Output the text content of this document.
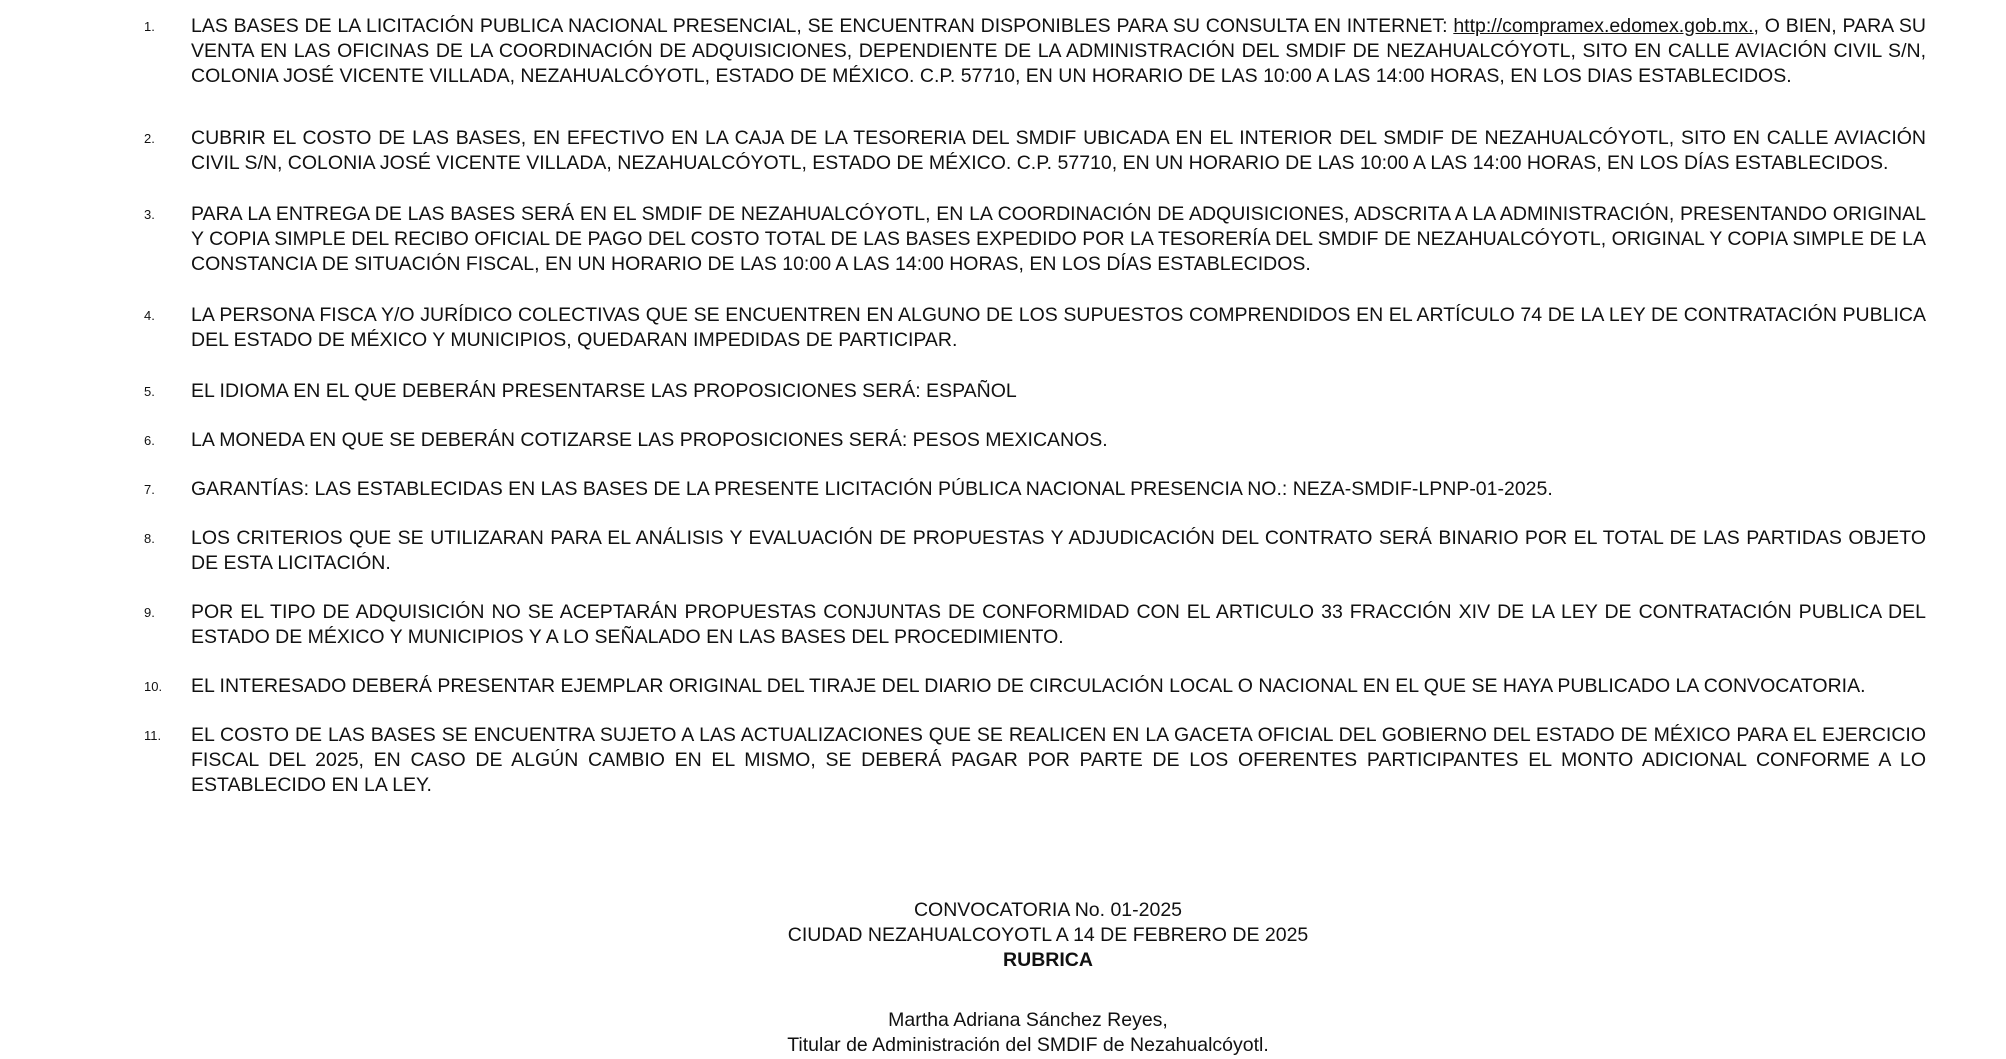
1.	LAS BASES DE LA LICITACIÓN PUBLICA NACIONAL PRESENCIAL, SE ENCUENTRAN DISPONIBLES PARA SU CONSULTA EN INTERNET: http://compramex.edomex.gob.mx., O BIEN, PARA SU VENTA EN LAS OFICINAS DE LA COORDINACIÓN DE ADQUISICIONES, DEPENDIENTE DE LA ADMINISTRACIÓN DEL SMDIF DE NEZAHUALCÓYOTL, SITO EN CALLE AVIACIÓN CIVIL S/N, COLONIA JOSÉ VICENTE VILLADA, NEZAHUALCÓYOTL, ESTADO DE MÉXICO. C.P. 57710, EN UN HORARIO DE LAS 10:00 A LAS 14:00 HORAS, EN LOS DIAS ESTABLECIDOS.
2.	CUBRIR EL COSTO DE LAS BASES, EN EFECTIVO EN LA CAJA DE LA TESORERIA DEL SMDIF UBICADA EN EL INTERIOR DEL SMDIF DE NEZAHUALCÓYOTL, SITO EN CALLE AVIACIÓN CIVIL S/N, COLONIA JOSÉ VICENTE VILLADA, NEZAHUALCÓYOTL, ESTADO DE MÉXICO. C.P. 57710, EN UN HORARIO DE LAS 10:00 A LAS 14:00 HORAS, EN LOS DÍAS ESTABLECIDOS.
3.	PARA LA ENTREGA DE LAS BASES SERÁ EN EL SMDIF DE NEZAHUALCÓYOTL, EN LA COORDINACIÓN DE ADQUISICIONES, ADSCRITA A LA ADMINISTRACIÓN, PRESENTANDO ORIGINAL Y COPIA SIMPLE DEL RECIBO OFICIAL DE PAGO DEL COSTO TOTAL DE LAS BASES EXPEDIDO POR LA TESORERÍA DEL SMDIF DE NEZAHUALCÓYOTL, ORIGINAL Y COPIA SIMPLE DE LA CONSTANCIA DE SITUACIÓN FISCAL, EN UN HORARIO DE LAS 10:00 A LAS 14:00 HORAS, EN LOS DÍAS ESTABLECIDOS.
4.	LA PERSONA FISCA Y/O JURÍDICO COLECTIVAS QUE SE ENCUENTREN EN ALGUNO DE LOS SUPUESTOS COMPRENDIDOS EN EL ARTÍCULO 74 DE LA LEY DE CONTRATACIÓN PUBLICA DEL ESTADO DE MÉXICO Y MUNICIPIOS, QUEDARAN IMPEDIDAS DE PARTICIPAR.
5.	EL IDIOMA EN EL QUE DEBERÁN PRESENTARSE LAS PROPOSICIONES SERÁ: ESPAÑOL
6.	LA MONEDA EN QUE SE DEBERÁN COTIZARSE LAS PROPOSICIONES SERÁ: PESOS MEXICANOS.
7.	GARANTÍAS: LAS ESTABLECIDAS EN LAS BASES DE LA PRESENTE LICITACIÓN PÚBLICA NACIONAL PRESENCIA NO.: NEZA-SMDIF-LPNP-01-2025.
8.	LOS CRITERIOS QUE SE UTILIZARAN PARA EL ANÁLISIS Y EVALUACIÓN DE PROPUESTAS Y ADJUDICACIÓN DEL CONTRATO SERÁ BINARIO POR EL TOTAL DE LAS PARTIDAS OBJETO DE ESTA LICITACIÓN.
9.	POR EL TIPO DE ADQUISICIÓN NO SE ACEPTARÁN PROPUESTAS CONJUNTAS DE CONFORMIDAD CON EL ARTICULO 33 FRACCIÓN XIV DE LA LEY DE CONTRATACIÓN PUBLICA DEL ESTADO DE MÉXICO Y MUNICIPIOS Y A LO SEÑALADO EN LAS BASES DEL PROCEDIMIENTO.
10.	EL INTERESADO DEBERÁ PRESENTAR EJEMPLAR ORIGINAL DEL TIRAJE DEL DIARIO DE CIRCULACIÓN LOCAL O NACIONAL EN EL QUE SE HAYA PUBLICADO LA CONVOCATORIA.
11.	EL COSTO DE LAS BASES SE ENCUENTRA SUJETO A LAS ACTUALIZACIONES QUE SE REALICEN EN LA GACETA OFICIAL DEL GOBIERNO DEL ESTADO DE MÉXICO PARA EL EJERCICIO FISCAL DEL 2025, EN CASO DE ALGÚN CAMBIO EN EL MISMO, SE DEBERÁ PAGAR POR PARTE DE LOS OFERENTES PARTICIPANTES EL MONTO ADICIONAL CONFORME A LO ESTABLECIDO EN LA LEY.
CONVOCATORIA No. 01-2025
CIUDAD NEZAHUALCOYOTL A 14 DE FEBRERO DE 2025
RUBRICA
Martha Adriana Sánchez Reyes,
Titular de Administración del SMDIF de Nezahualcóyotl.
